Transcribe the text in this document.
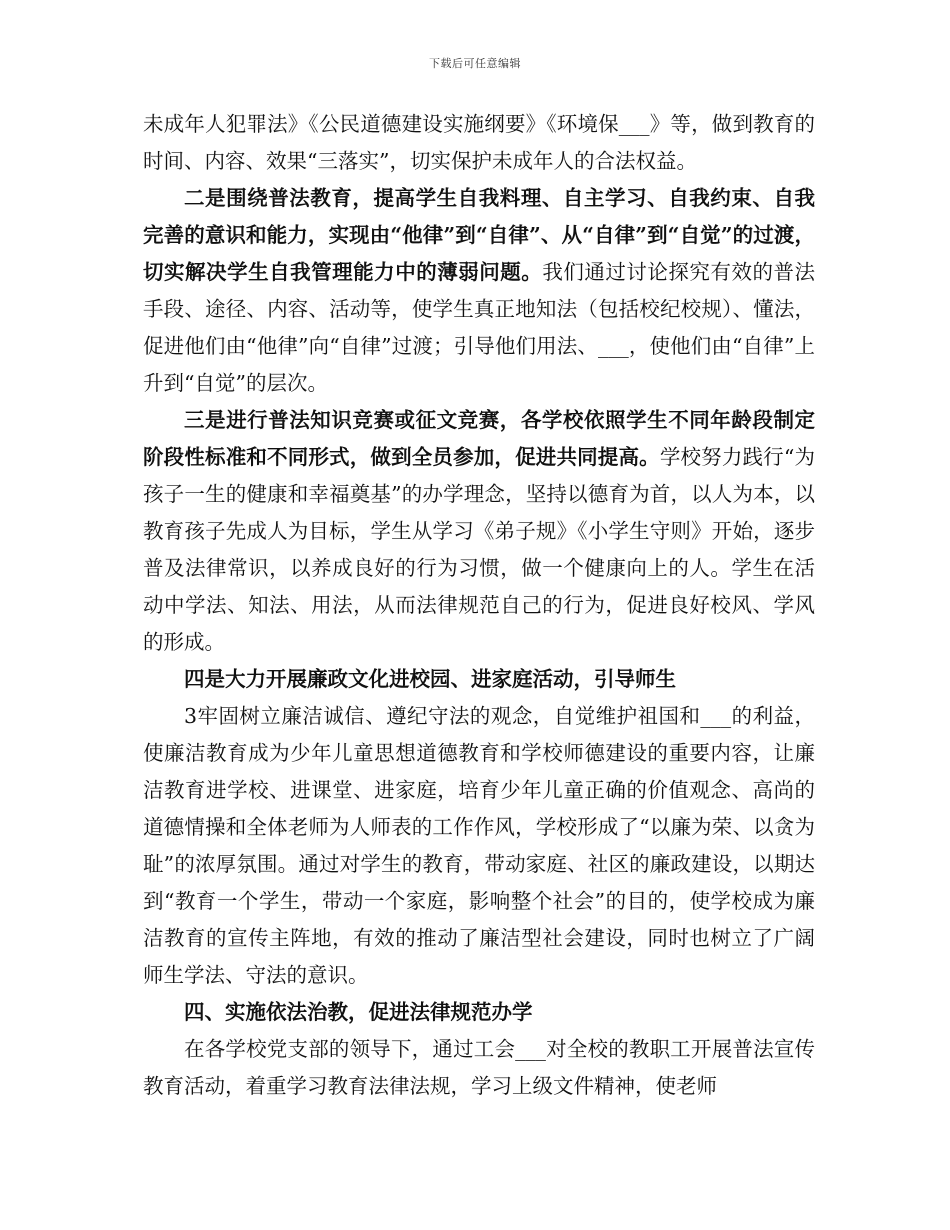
下载后可任意编辑

未成年人犯罪法》《公民道德建设实施纲要》《环境保___》等，做到教育的时间、内容、效果“三落实”，切实保护未成年人的合法权益。

二是围绕普法教育，提高学生自我料理、自主学习、自我约束、自我完善的意识和能力，实现由“他律”到“自律”、从“自律”到“自觉”的过渡，切实解决学生自我管理能力中的薄弱问题。我们通过讨论探究有效的普法手段、途径、内容、活动等，使学生真正地知法（包括校纪校规）、懂法，促进他们由“他律”向“自律”过渡；引导他们用法、___，使他们由“自律”上升到“自觉”的层次。

三是进行普法知识竞赛或征文竞赛，各学校依照学生不同年龄段制定阶段性标准和不同形式，做到全员参加，促进共同提高。学校努力践行“为孩子一生的健康和幸福奠基”的办学理念，坚持以德育为首，以人为本，以教育孩子先成人为目标，学生从学习《弟子规》《小学生守则》开始，逐步普及法律常识，以养成良好的行为习惯，做一个健康向上的人。学生在活动中学法、知法、用法，从而法律规范自己的行为，促进良好校风、学风的形成。

四是大力开展廉政文化进校园、进家庭活动，引导师生

3牢固树立廉洁诚信、遵纪守法的观念，自觉维护祖国和___的利益，使廉洁教育成为少年儿童思想道德教育和学校师德建设的重要内容，让廉洁教育进学校、进课堂、进家庭，培育少年儿童正确的价值观念、高尚的道德情操和全体老师为人师表的工作作风，学校形成了“以廉为荣、以贪为耻”的浓厚氛围。通过对学生的教育，带动家庭、社区的廉政建设，以期达到“教育一个学生，带动一个家庭，影响整个社会”的目的，使学校成为廉洁教育的宣传主阵地，有效的推动了廉洁型社会建设，同时也树立了广阔师生学法、守法的意识。

四、实施依法治教，促进法律规范办学

在各学校党支部的领导下，通过工会___对全校的教职工开展普法宣传教育活动，着重学习教育法律法规，学习上级文件精神，使老师
